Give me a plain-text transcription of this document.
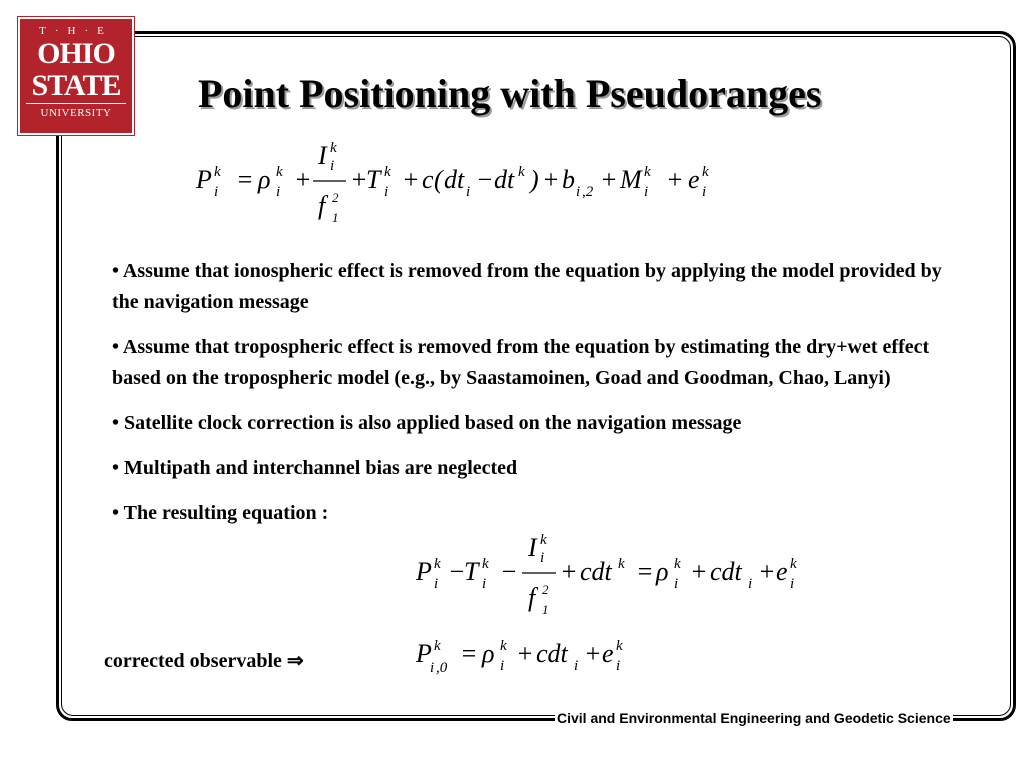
T·H·E
OHIO
STATE
UNIVERSITY	Point Positioning with Pseudoranges
P k
i = ρ k
i +
I k
i
f 2
1
+
T k
i + c ( dt i − dt k ) + b i ,2 + M k
i + e k
i

• Assume that ionospheric effect is removed from the equation by applying the model provided by the navigation message

• Assume that tropospheric effect is removed from the equation by estimating the dry+wet effect based on the tropospheric model (e.g., by Saastamoinen, Goad and Goodman, Chao, Lanyi)

• Satellite clock correction is also applied based on the navigation message

• Multipath and interchannel bias are neglected

• The resulting equation :

P k
i −
T k
i −
I k
i
f 2
1
+ cdt k = ρ k
i + cdt i + e k
i
corrected observable ⇒	P k
i ,0 = ρ k
i + cdt i + e k
i
Civil and Environmental Engineering and Geodetic Science
